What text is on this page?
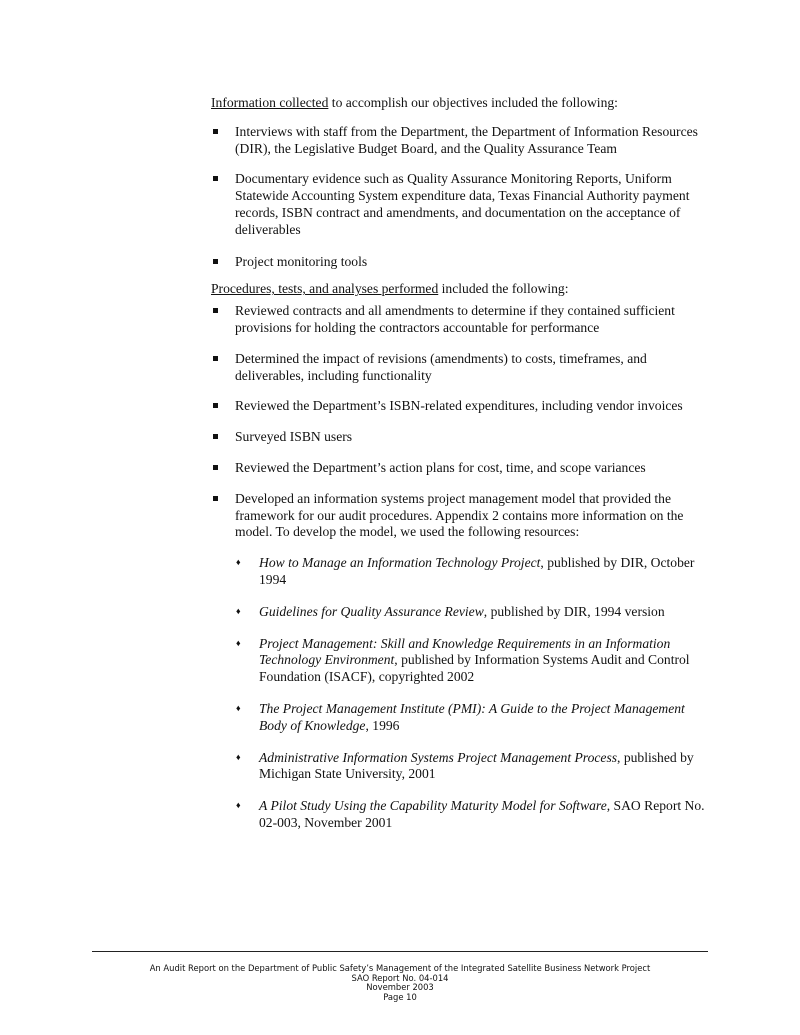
Information collected to accomplish our objectives included the following:

Interviews with staff from the Department, the Department of Information Resources (DIR), the Legislative Budget Board, and the Quality Assurance Team
Documentary evidence such as Quality Assurance Monitoring Reports, Uniform Statewide Accounting System expenditure data, Texas Financial Authority payment records, ISBN contract and amendments, and documentation on the acceptance of deliverables
Project monitoring tools

Procedures, tests, and analyses performed included the following:

Reviewed contracts and all amendments to determine if they contained sufficient provisions for holding the contractors accountable for performance
Determined the impact of revisions (amendments) to costs, timeframes, and deliverables, including functionality
Reviewed the Department’s ISBN-related expenditures, including vendor invoices
Surveyed ISBN users
Reviewed the Department’s action plans for cost, time, and scope variances
Developed an information systems project management model that provided the framework for our audit procedures. Appendix 2 contains more information on the model. To develop the model, we used the following resources:
♦ How to Manage an Information Technology Project, published by DIR, October 1994
♦ Guidelines for Quality Assurance Review, published by DIR, 1994 version
♦ Project Management: Skill and Knowledge Requirements in an Information Technology Environment, published by Information Systems Audit and Control Foundation (ISACF), copyrighted 2002
♦ The Project Management Institute (PMI): A Guide to the Project Management Body of Knowledge, 1996
♦ Administrative Information Systems Project Management Process, published by Michigan State University, 2001
♦ A Pilot Study Using the Capability Maturity Model for Software, SAO Report No. 02-003, November 2001
An Audit Report on the Department of Public Safety’s Management of the Integrated Satellite Business Network Project
SAO Report No. 04-014
November 2003
Page 10
